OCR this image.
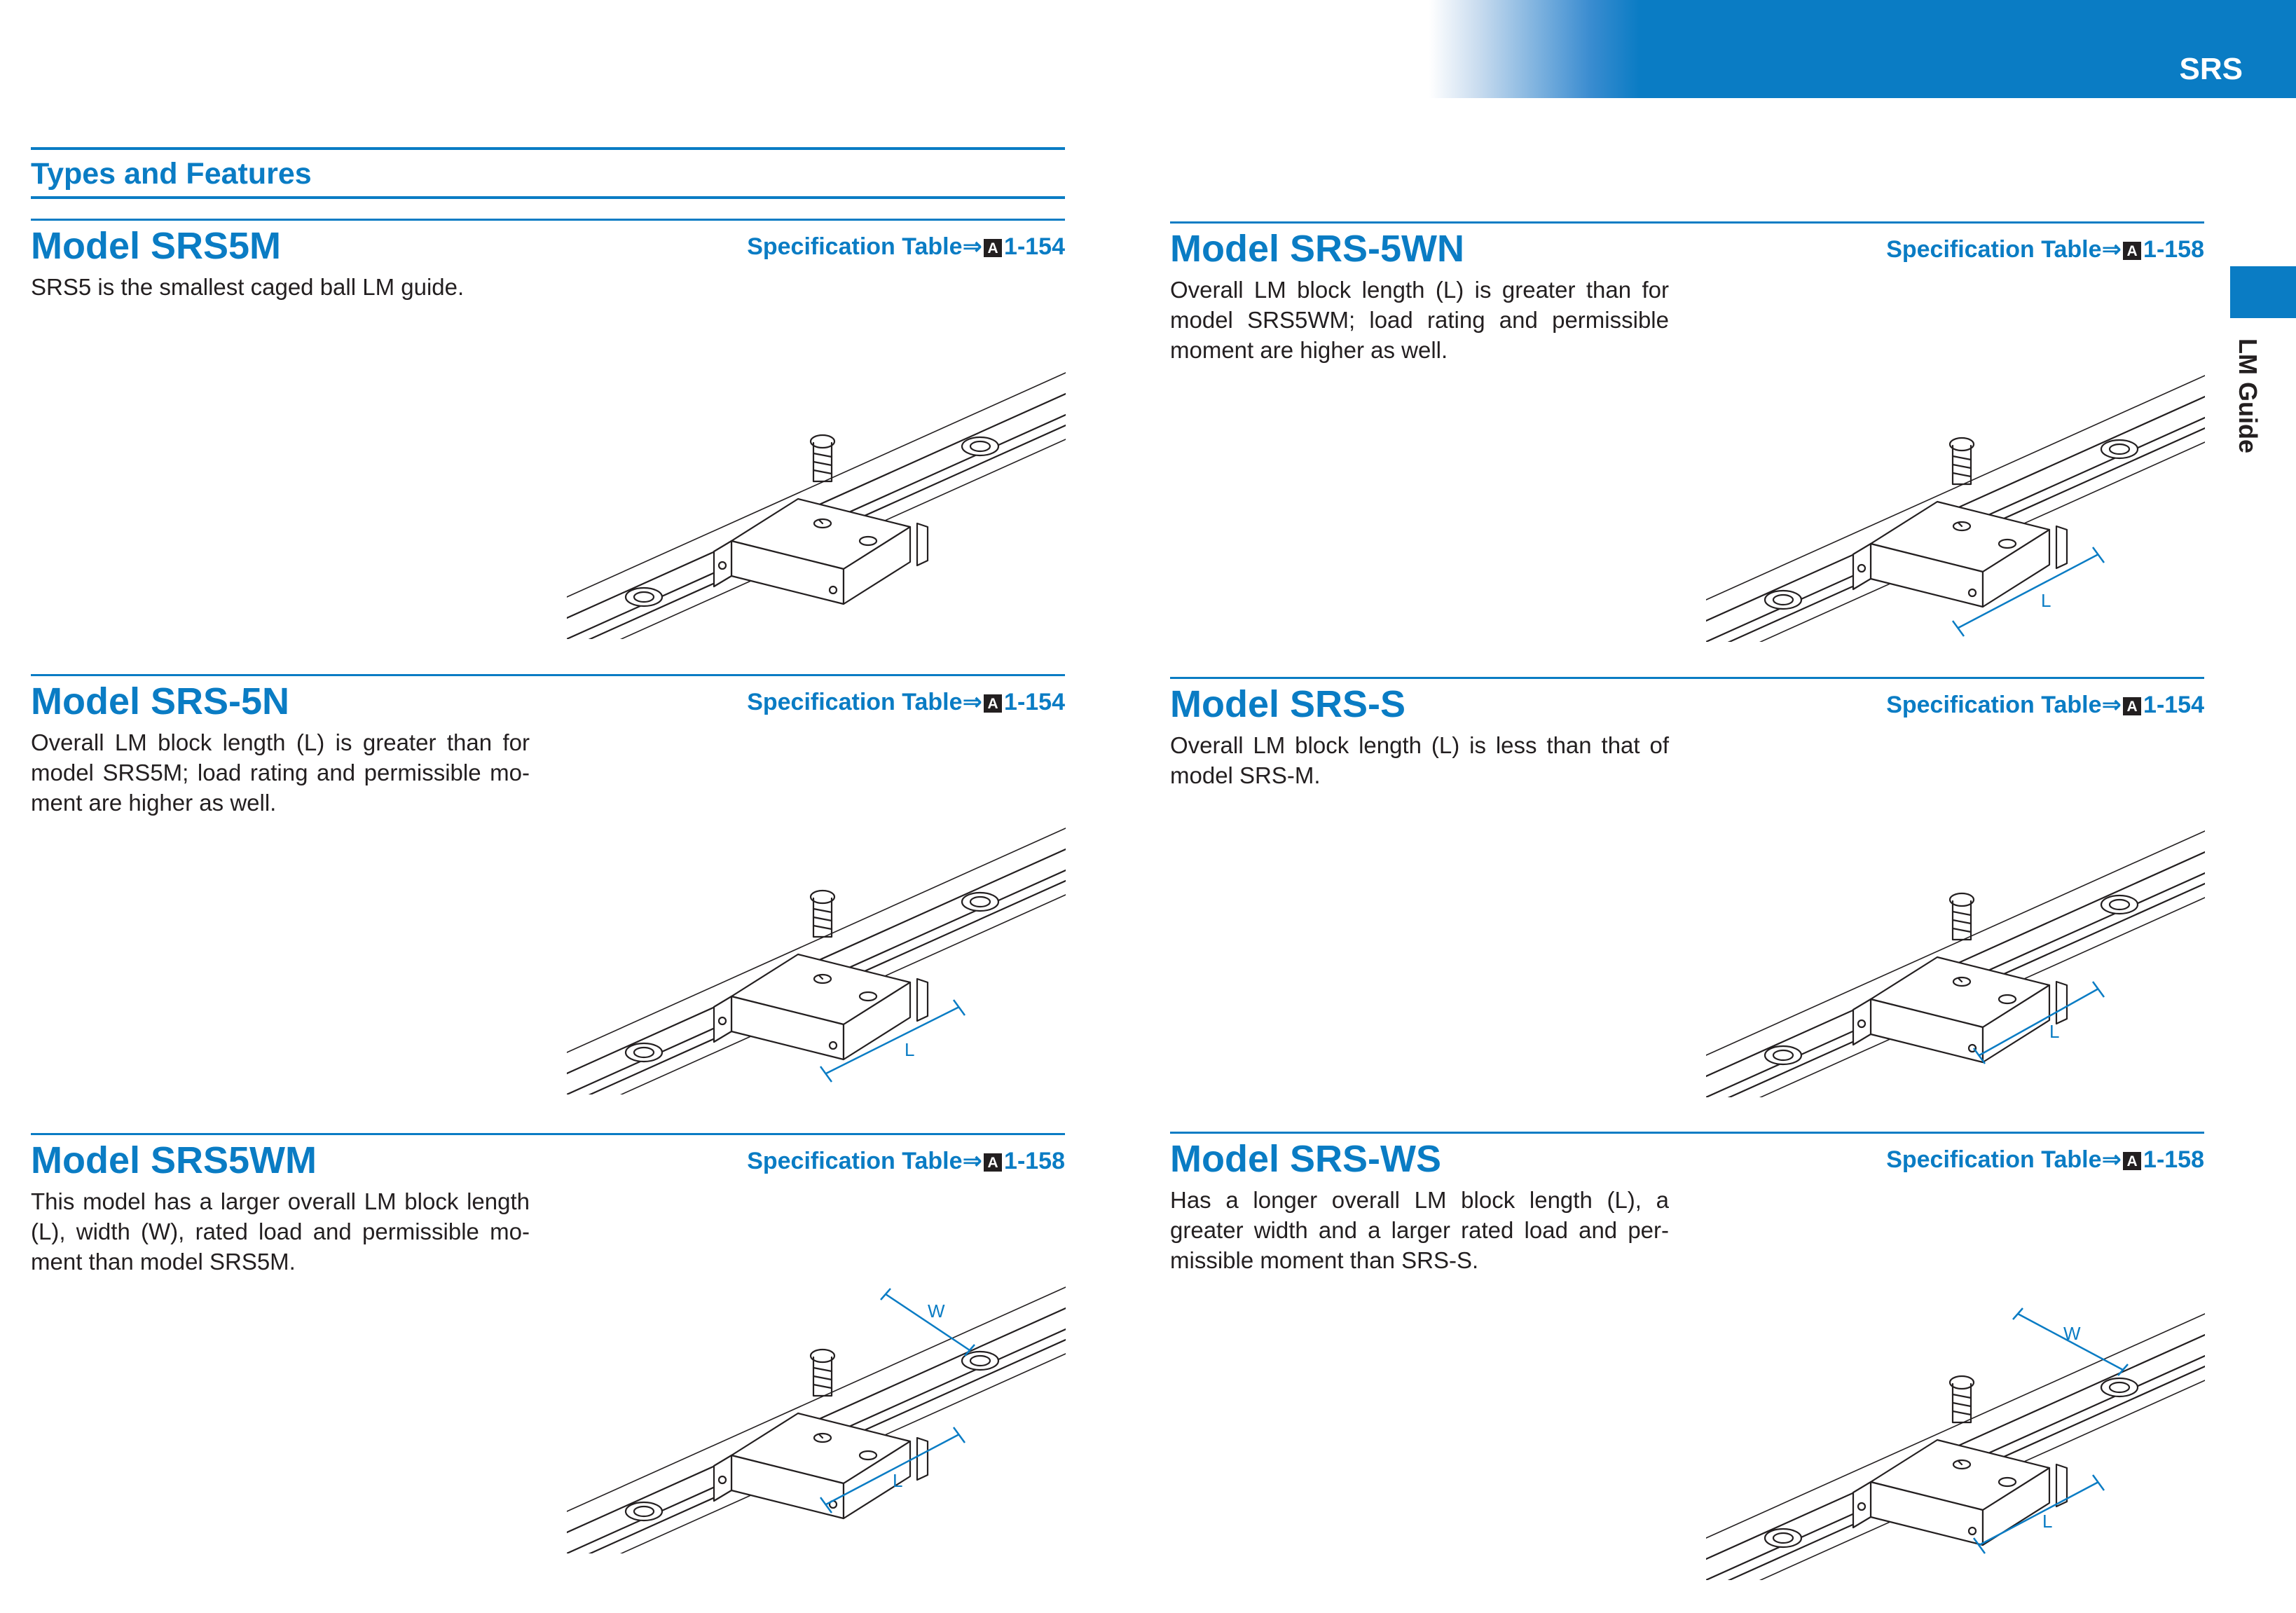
SRS
LM Guide
Types and Features
Model SRS5M	Specification Table⇒ A 1-154
SRS5 is the smallest caged ball LM guide.
Model SRS-5WN	Specification Table⇒ A 1-158
Overall LM block length (L) is greater than for model SRS5WM; load rating and permissible moment are higher as well.
L
Model SRS-5N	Specification Table⇒ A 1-154
Overall LM block length (L) is greater than for model SRS5M; load rating and permissible mo-ment are higher as well.
L
Model SRS-S	Specification Table⇒ A 1-154
Overall LM block length (L) is less than that of model SRS-M.
L
Model SRS5WM	Specification Table⇒ A 1-158
This model has a larger overall LM block length (L), width (W), rated load and permissible mo-ment than model SRS5M.
L
W
Model SRS-WS	Specification Table⇒ A 1-158
Has a longer overall LM block length (L), a greater width and a larger rated load and per-missible moment than SRS-S.
L
W
